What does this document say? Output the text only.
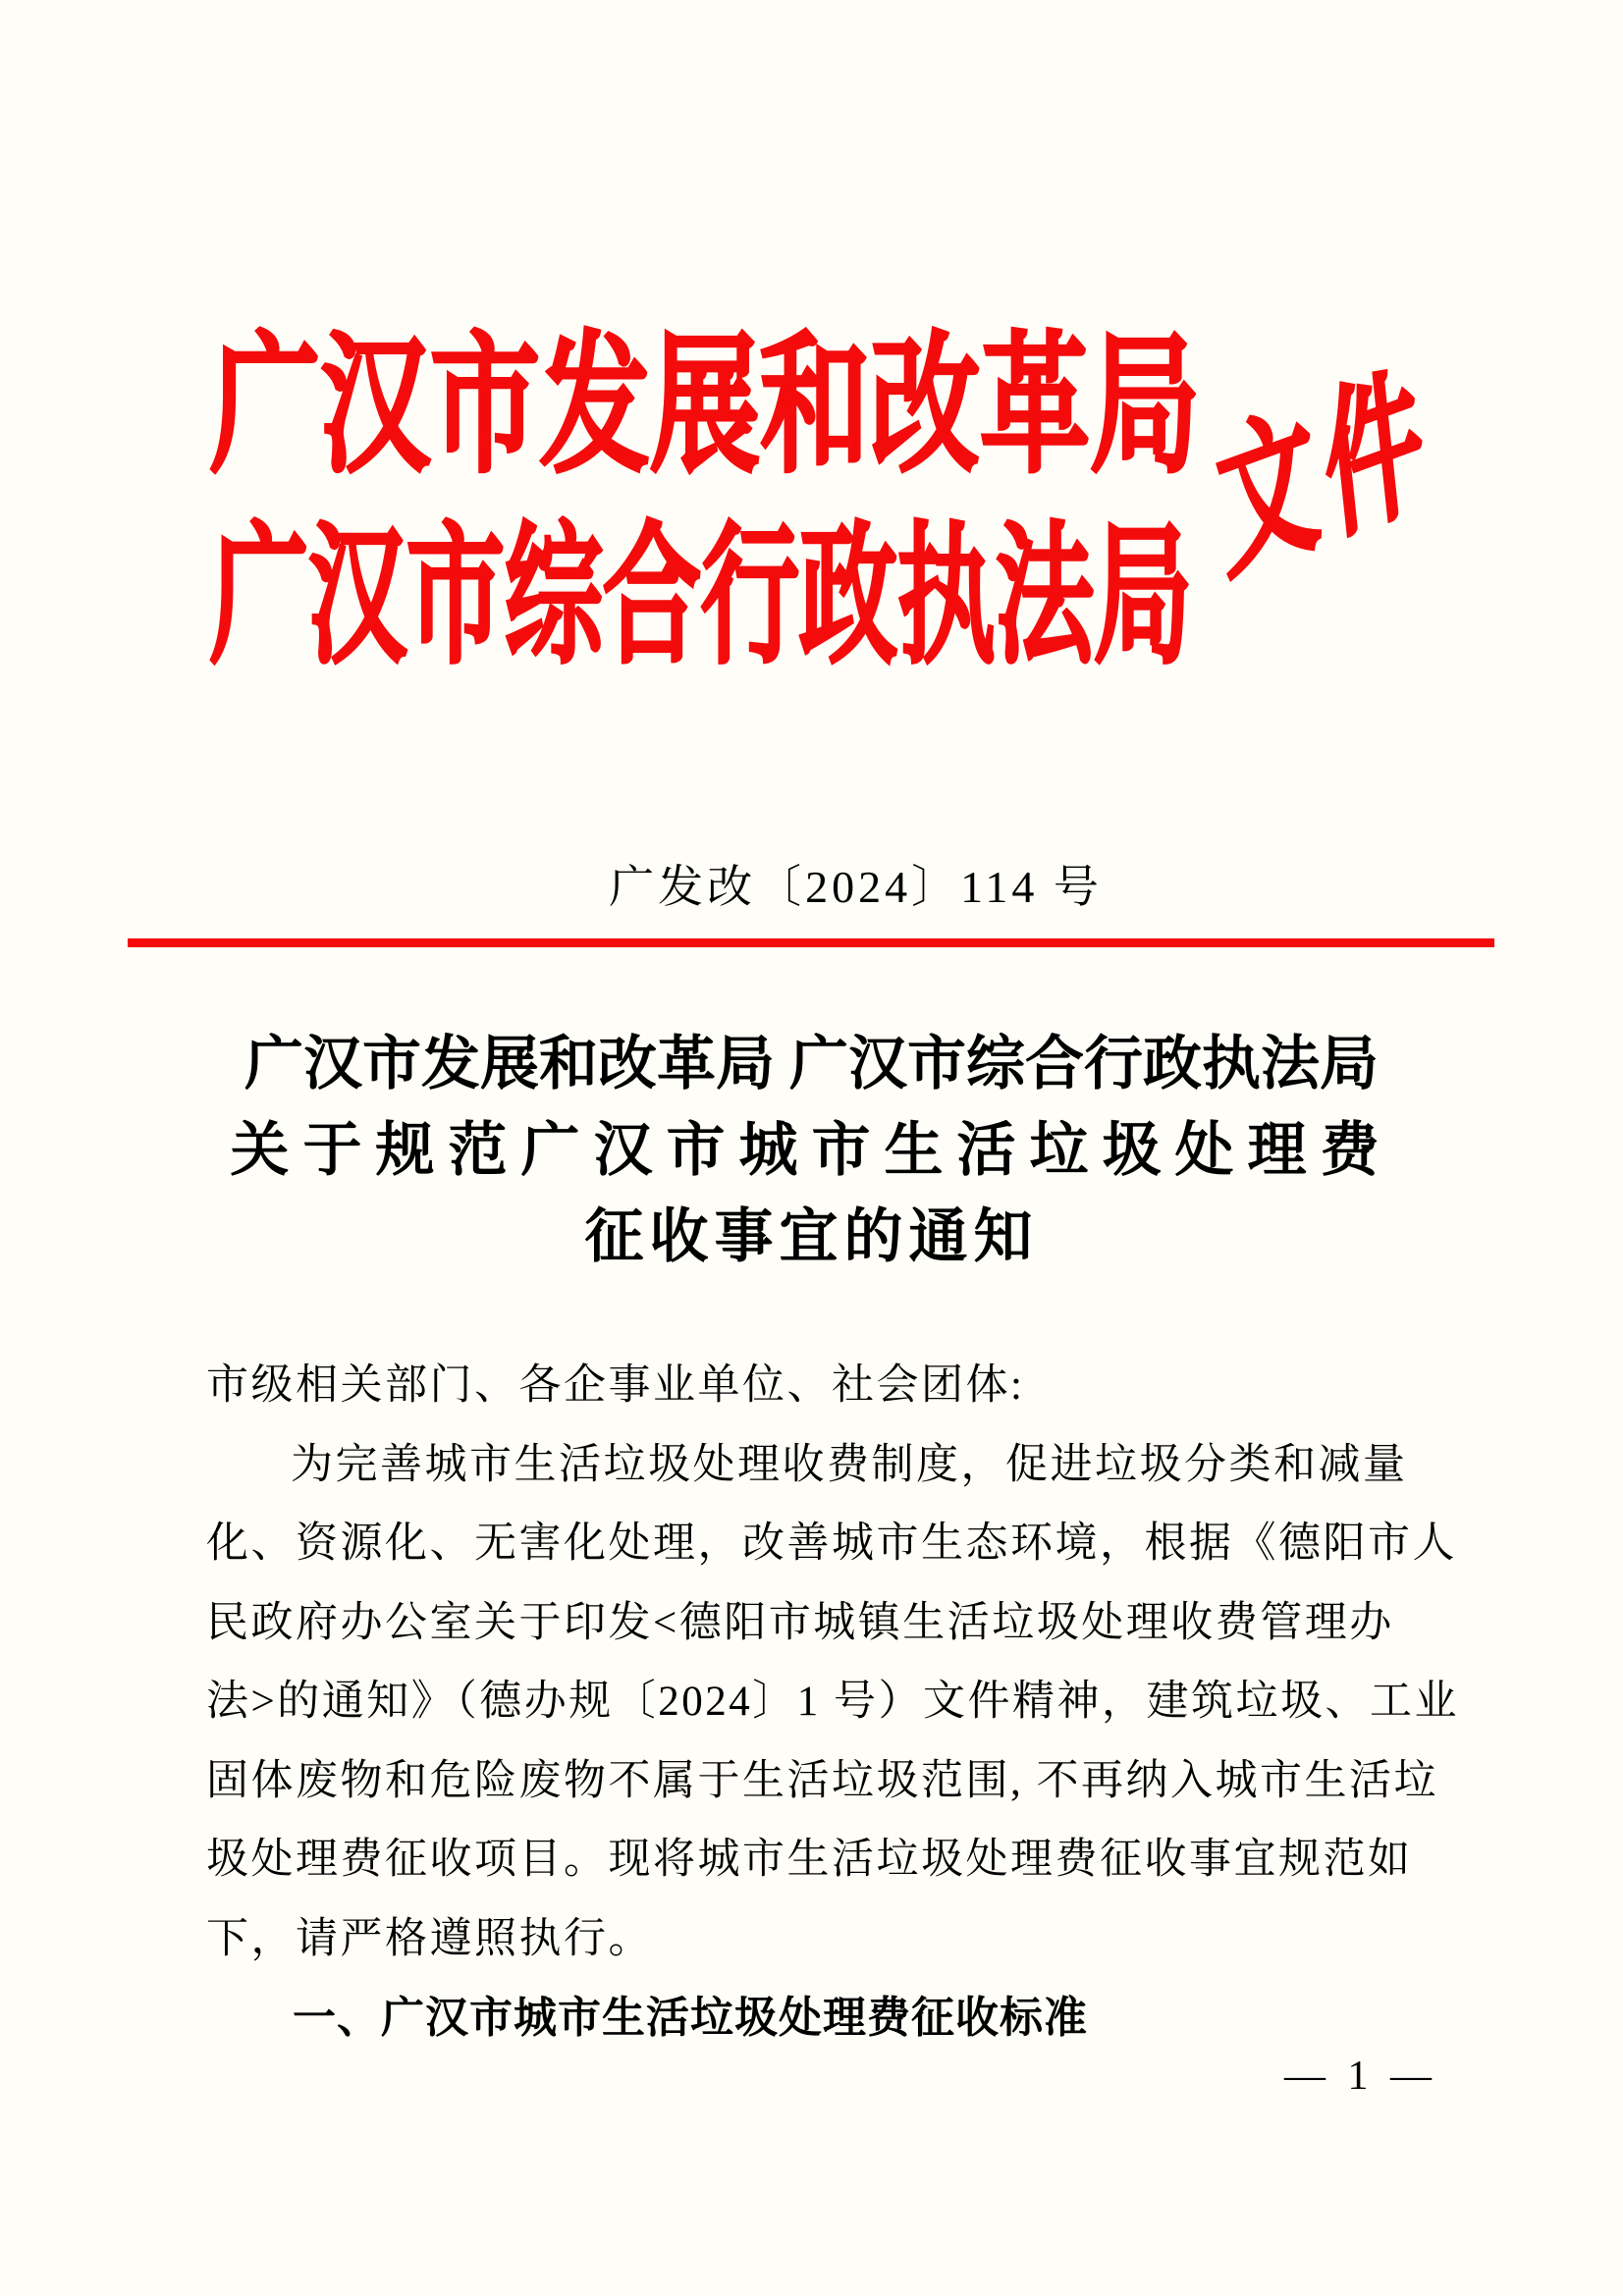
广汉市发展和改革局
广汉市综合行政执法局 文件
广发改〔2024〕114 号
广汉市发展和改革局 广汉市综合行政执法局
关于规范广汉市城市生活垃圾处理费
征收事宜的通知
市级相关部门、各企事业单位、社会团体:
为完善城市生活垃圾处理收费制度，促进垃圾分类和减量
化、资源化、无害化处理，改善城市生态环境，根据《德阳市人
民政府办公室关于印发<德阳市城镇生活垃圾处理收费管理办
法>的通知》（德办规〔2024〕1 号）文件精神，建筑垃圾、工业
固体废物和危险废物不属于生活垃圾范围, 不再纳入城市生活垃
圾处理费征收项目。现将城市生活垃圾处理费征收事宜规范如
下，请严格遵照执行。
一、广汉市城市生活垃圾处理费征收标准
— 1 —
